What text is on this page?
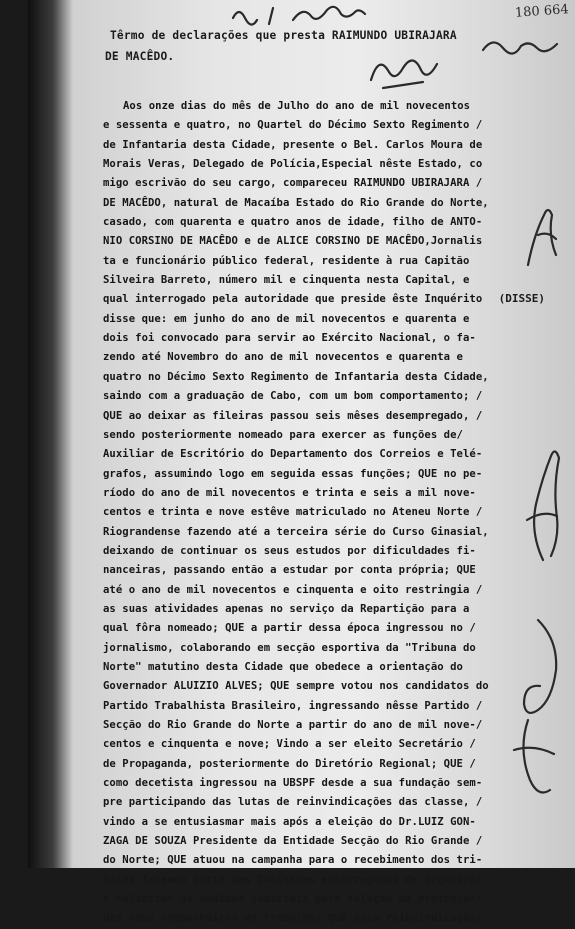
180 664
Têrmo de declarações que presta RAIMUNDO UBIRAJARA
DE MACÊDO.
Aos onze dias do mês de Julho do ano de mil novecentos
e sessenta e quatro, no Quartel do Décimo Sexto Regimento /
de Infantaria desta Cidade, presente o Bel. Carlos Moura de
Morais Veras, Delegado de Polícia,Especial nêste Estado, co
migo escrivão do seu cargo, compareceu RAIMUNDO UBIRAJARA /
DE MACÊDO, natural de Macaíba Estado do Rio Grande do Norte,
casado, com quarenta e quatro anos de idade, filho de ANTO-
NIO CORSINO DE MACÊDO e de ALICE CORSINO DE MACÊDO,Jornalis
ta e funcionário público federal, residente à rua Capitão
Silveira Barreto, número mil e cinquenta nesta Capital, e
qual interrogado pela autoridade que preside êste Inquérito
disse que: em junho do ano de mil novecentos e quarenta e
dois foi convocado para servir ao Exército Nacional, o fa-
zendo até Novembro do ano de mil novecentos e quarenta e
quatro no Décimo Sexto Regimento de Infantaria desta Cidade,
saindo com a graduação de Cabo, com um bom comportamento; /
QUE ao deixar as fileiras passou seis mêses desempregado, /
sendo posteriormente nomeado para exercer as funções de/
Auxiliar de Escritório do Departamento dos Correios e Telé-
grafos, assumindo logo em seguida essas funções; QUE no pe-
ríodo do ano de mil novecentos e trinta e seis a mil nove-
centos e trinta e nove estêve matriculado no Ateneu Norte /
Riograndense fazendo até a terceira série do Curso Ginasial,
deixando de continuar os seus estudos por dificuldades fi-
nanceiras, passando então a estudar por conta própria; QUE
até o ano de mil novecentos e cinquenta e oito restringia /
as suas atividades apenas no serviço da Repartição para a
qual fôra nomeado; QUE a partir dessa época ingressou no /
jornalismo, colaborando em secção esportiva da "Tribuna do
Norte" matutino desta Cidade que obedece a orientação do
Governador ALUIZIO ALVES; QUE sempre votou nos candidatos do
Partido Trabalhista Brasileiro, ingressando nêsse Partido /
Secção do Rio Grande do Norte a partir do ano de mil nove-/
centos e cinquenta e nove; Vindo a ser eleito Secretário /
de Propaganda, posteriormente do Diretório Regional; QUE /
como decetista ingressou na UBSPF desde a sua fundação sem-
pre participando das lutas de reinvindicações das classe, /
vindo a se entusiasmar mais após a eleição do Dr.LUIZ GON-
ZAGA DE SOUZA Presidente da Entidade Secção do Rio Grande /
do Norte; QUE atuou na campanha para o recebimento dos tri-
ênios fazendo parte das Comissões encarregadas de organizar
e solicitar as medidas judiciais para solução da pretenção/
dos seus companheiros de trabalho; QUE essa reinvindicação/
(DISSE)
